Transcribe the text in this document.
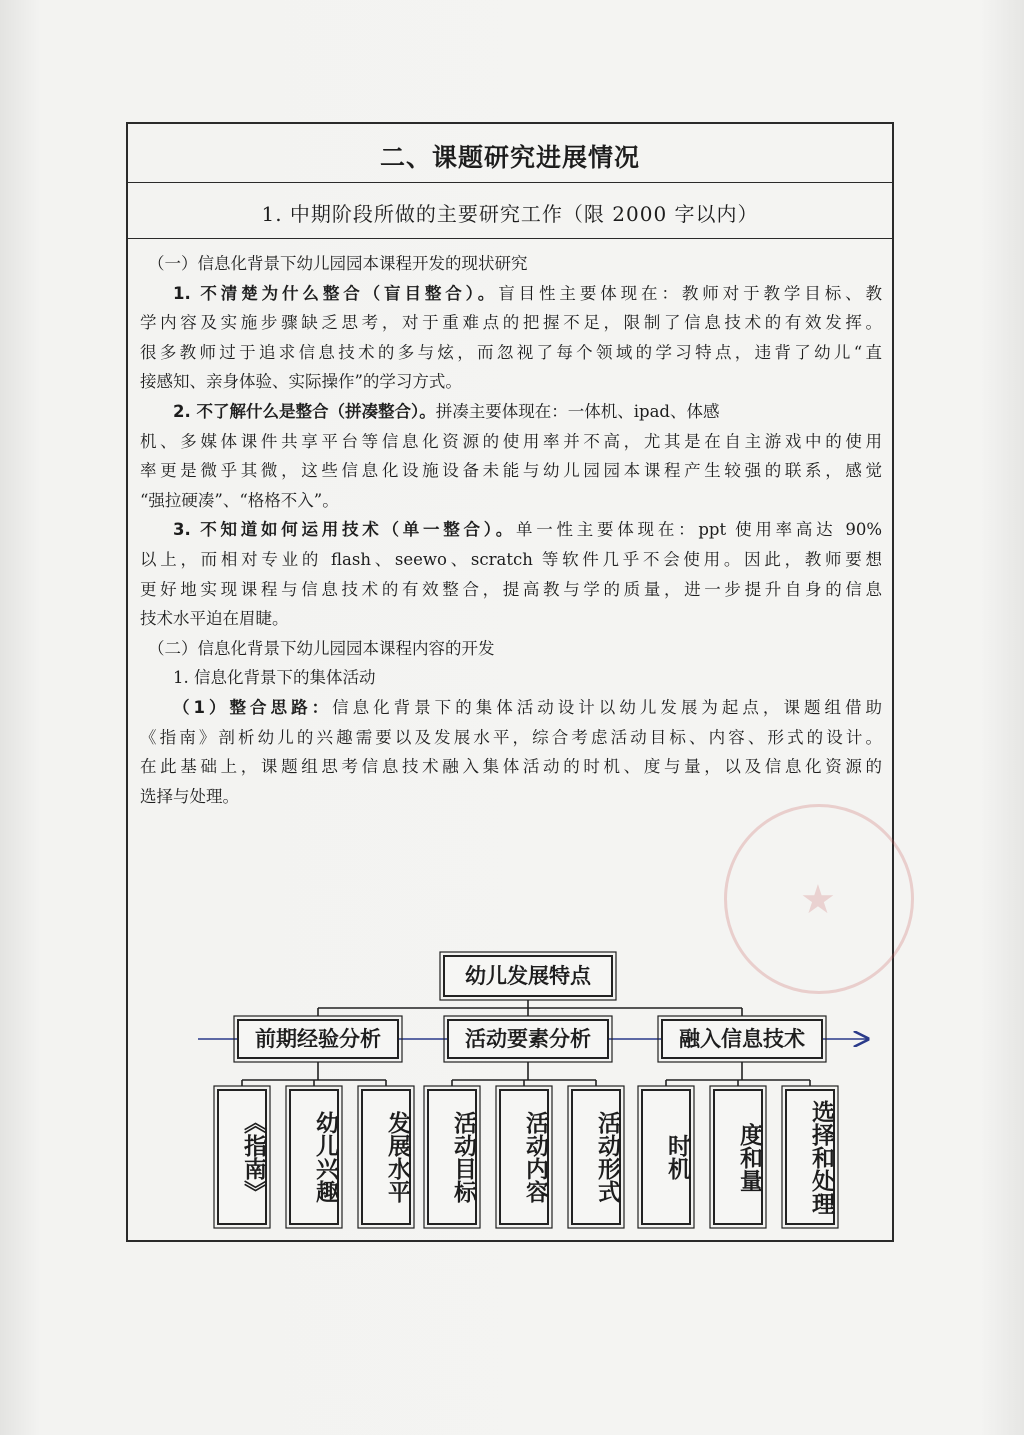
二、课题研究进展情况
1. 中期阶段所做的主要研究工作（限 2000 字以内）
（一）信息化背景下幼儿园园本课程开发的现状研究
1. 不清楚为什么整合（盲目整合）。盲目性主要体现在：教师对于教学目标、教
学内容及实施步骤缺乏思考，对于重难点的把握不足，限制了信息技术的有效发挥。
很多教师过于追求信息技术的多与炫，而忽视了每个领域的学习特点，违背了幼儿“直
接感知、亲身体验、实际操作”的学习方式。
2. 不了解什么是整合（拼凑整合）。拼凑主要体现在：一体机、ipad、体感
机、多媒体课件共享平台等信息化资源的使用率并不高，尤其是在自主游戏中的使用
率更是微乎其微，这些信息化设施设备未能与幼儿园园本课程产生较强的联系，感觉
“强拉硬凑”、“格格不入”。
3. 不知道如何运用技术（单一整合）。单一性主要体现在：ppt 使用率高达 90%
以上，而相对专业的 flash、seewo、scratch 等软件几乎不会使用。因此，教师要想
更好地实现课程与信息技术的有效整合，提高教与学的质量，进一步提升自身的信息
技术水平迫在眉睫。
（二）信息化背景下幼儿园园本课程内容的开发
1. 信息化背景下的集体活动
（1）整合思路：信息化背景下的集体活动设计以幼儿发展为起点，课题组借助
《指南》剖析幼儿的兴趣需要以及发展水平，综合考虑活动目标、内容、形式的设计。
在此基础上，课题组思考信息技术融入集体活动的时机、度与量，以及信息化资源的
选择与处理。
★
幼儿发展特点
前期经验分析
《指南》	幼儿兴趣	发展水平
活动要素分析
活动目标	活动内容	活动形式
融入信息技术
时机	度和量	选择和处理
